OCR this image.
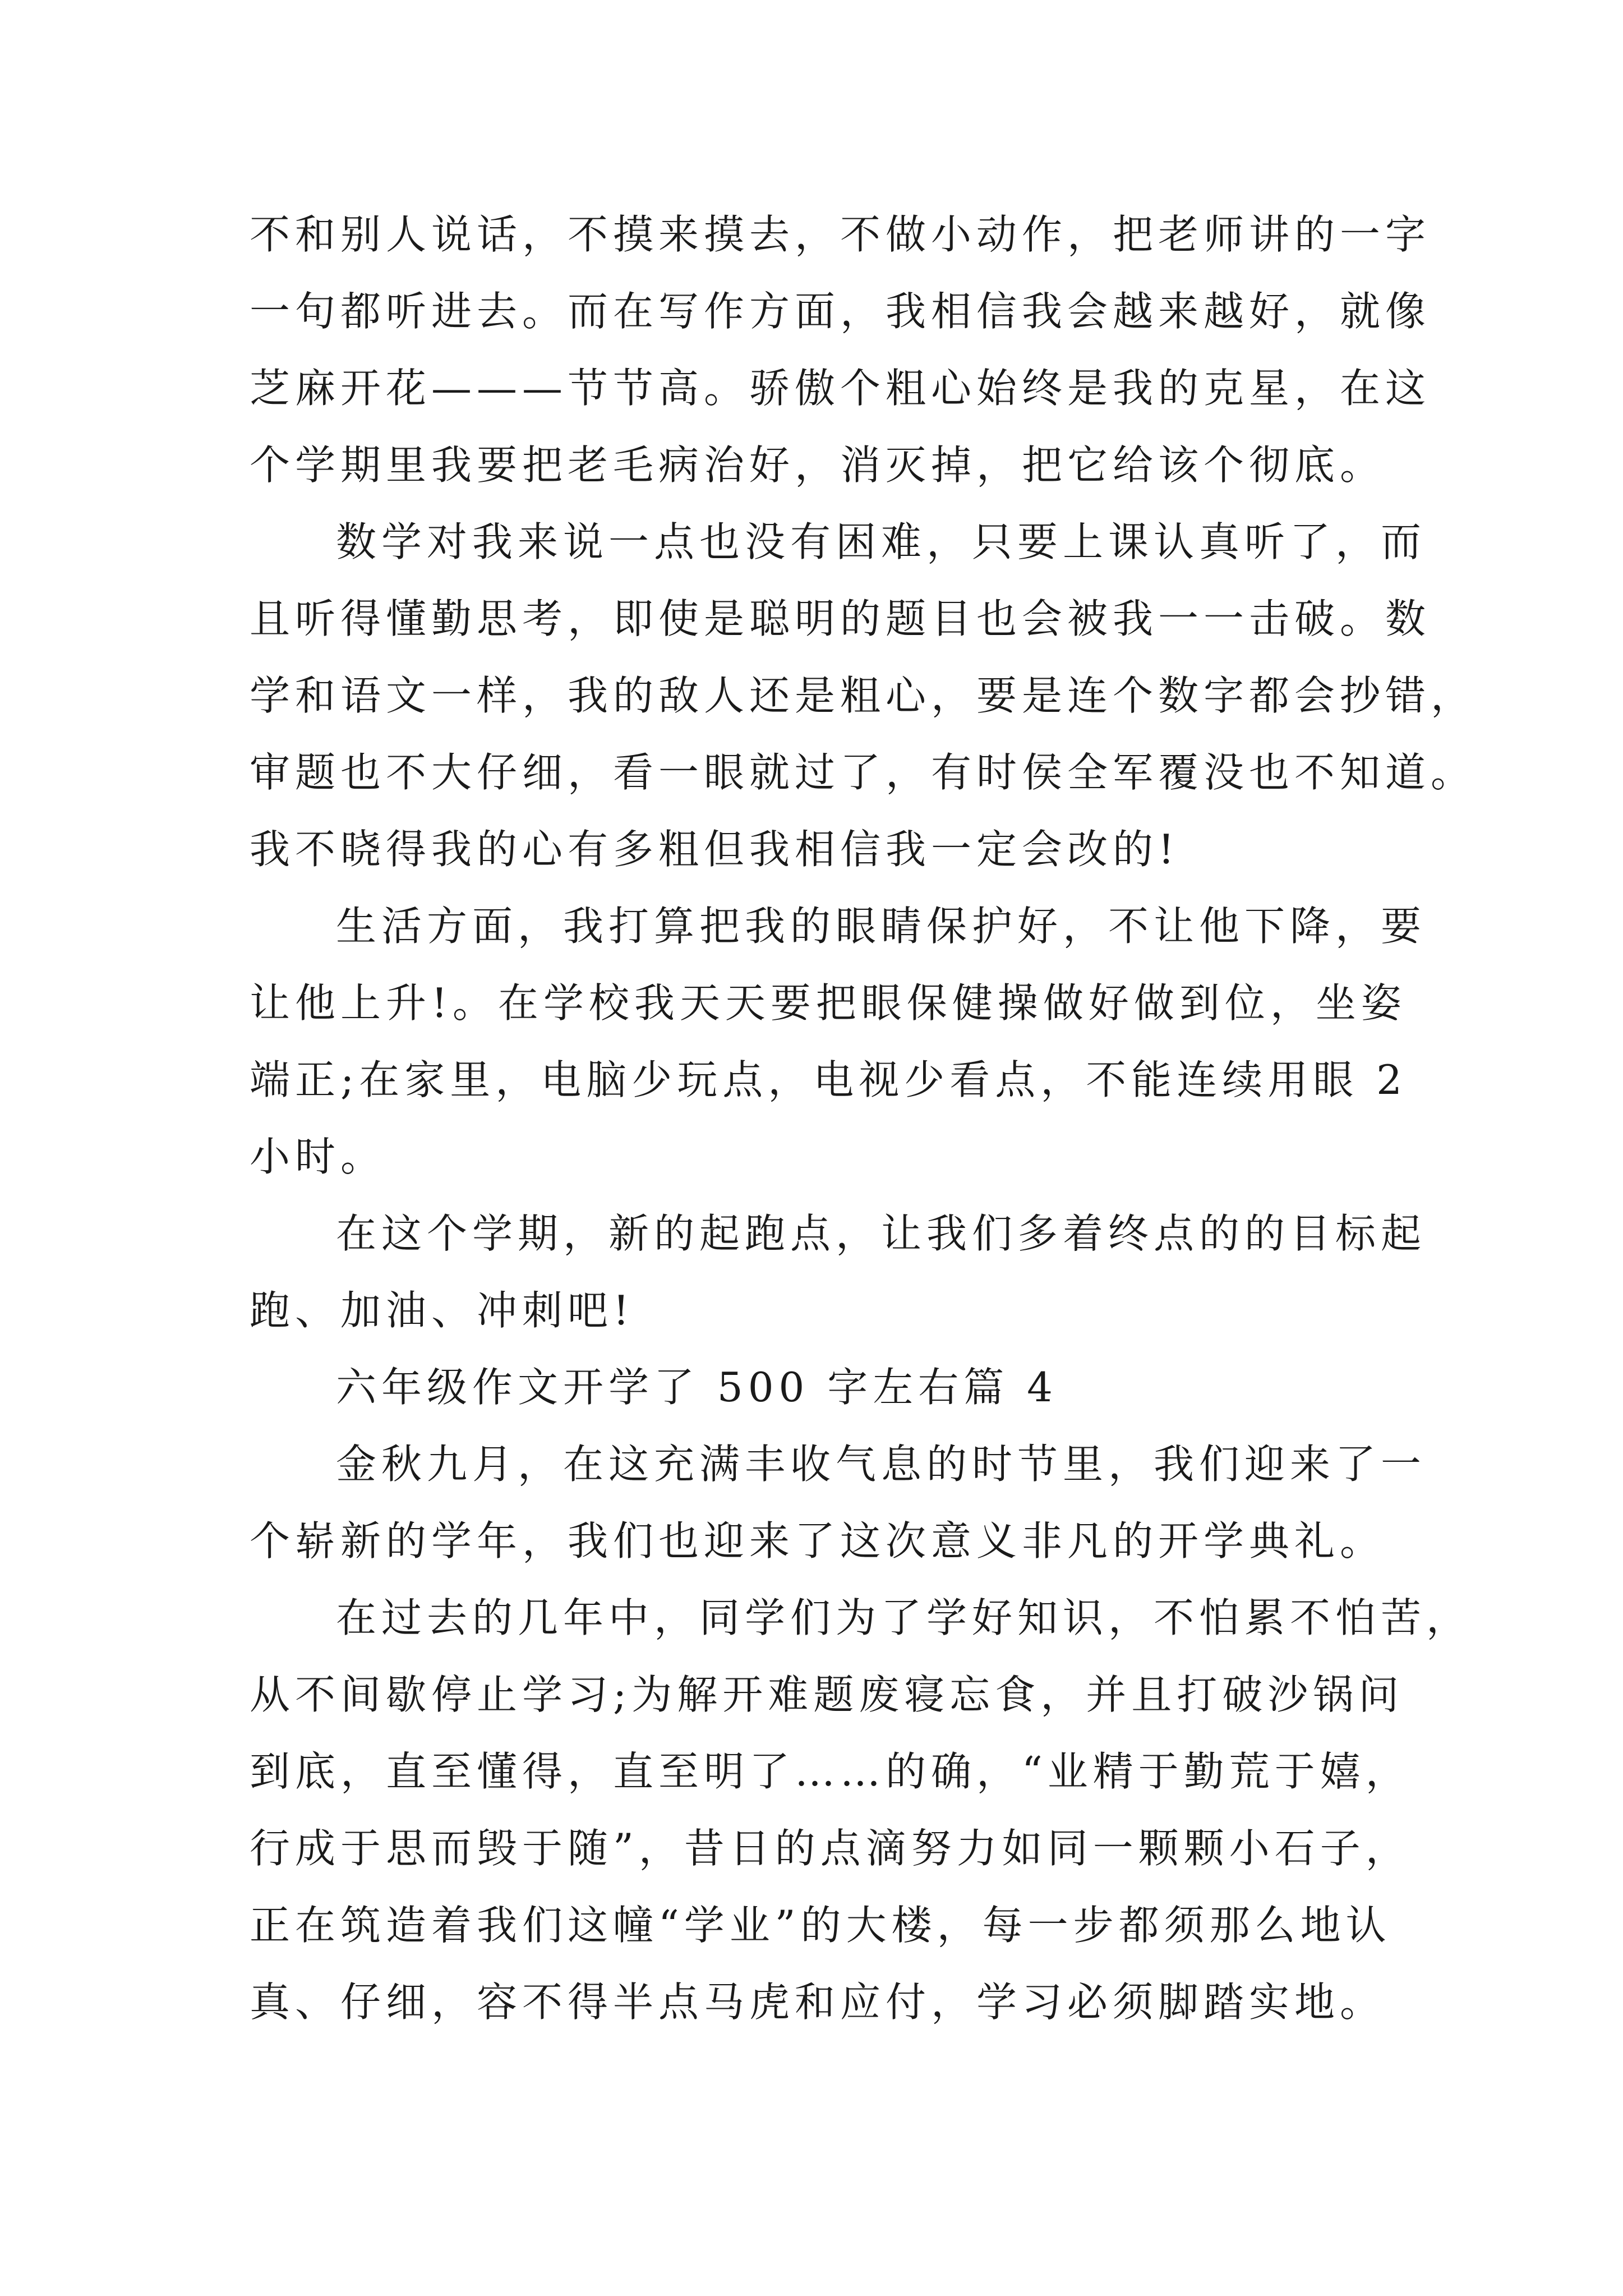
不和别人说话，不摸来摸去，不做小动作，把老师讲的一字
一句都听进去。而在写作方面，我相信我会越来越好，就像
芝麻开花———节节高。骄傲个粗心始终是我的克星，在这
个学期里我要把老毛病治好，消灭掉，把它给该个彻底。
数学对我来说一点也没有困难，只要上课认真听了，而
且听得懂勤思考，即使是聪明的题目也会被我一一击破。数
学和语文一样，我的敌人还是粗心，要是连个数字都会抄错，
审题也不大仔细，看一眼就过了，有时侯全军覆没也不知道。
我不晓得我的心有多粗但我相信我一定会改的!
生活方面，我打算把我的眼睛保护好，不让他下降，要
让他上升!。在学校我天天要把眼保健操做好做到位，坐姿
端正;在家里，电脑少玩点，电视少看点，不能连续用眼 2
小时。
在这个学期，新的起跑点，让我们多着终点的的目标起
跑、加油、冲刺吧!
六年级作文开学了 500 字左右篇 4
金秋九月，在这充满丰收气息的时节里，我们迎来了一
个崭新的学年，我们也迎来了这次意义非凡的开学典礼。
在过去的几年中，同学们为了学好知识，不怕累不怕苦，
从不间歇停止学习;为解开难题废寝忘食，并且打破沙锅问
到底，直至懂得，直至明了……的确，“业精于勤荒于嬉，
行成于思而毁于随”，昔日的点滴努力如同一颗颗小石子，
正在筑造着我们这幢“学业”的大楼，每一步都须那么地认
真、仔细，容不得半点马虎和应付，学习必须脚踏实地。
